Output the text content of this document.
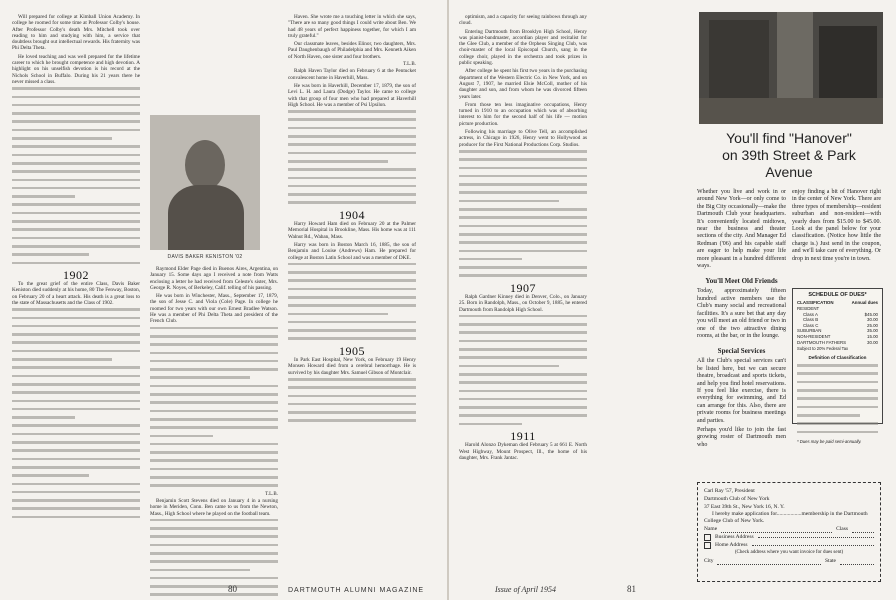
Will prepared for college at Kimball Union Academy. In college he roomed for some time at Professor Colby's house. After Professor Colby's death Mrs. Mitchell took over reading to him and studying with him, a service that doubtless brought out intellectual rewards. His fraternity was Phi Delta Theta.

He loved teaching and was well prepared for the lifetime career to which he brought competence and high devotion. A highlight on his unselfish devotion is his record at the Nichols School in Buffalo. During his 21 years there he never missed a class.

1902

To the great grief of the entire Class, Davis Baker Keniston died suddenly at his home, 80 The Fenway, Boston, on February 20 of a heart attack. His death is a great loss to the state of Massachusetts and the Class of 1902.

DAVIS BAKER KENISTON '02

Raymond Elder Page died in Buenos Aires, Argentina, on January 15. Some days ago I received a note from Watts enclosing a letter he had received from Celeste's sister, Mrs. George R. Noyes, of Berkeley, Calif. telling of his passing.

He was born in Winchester, Mass., September 17, 1879, the son of Jesse C. and Viola (Cole) Page. In college he roomed for two years with our own Ernest Bradlee Watson. He was a member of Phi Delta Theta and president of the French Club.

T.L.B.

Benjamin Scott Stevens died on January 4 in a nursing home in Meriden, Conn. Ben came to us from the Newton, Mass., High School where he played on the football team.

Haven. She wrote me a touching letter in which she says, "There are so many good things I could write about Ben. We had 48 years of perfect happiness together, for which I am truly grateful."

Our classmate leaves, besides Elinor, two daughters, Mrs. Paul Daughenbaugh of Philadelphia and Mrs. Kenneth Aiken of North Haven, one sister and four brothers.

T.L.B.

Ralph Haven Taylor died on February 6 at the Pentucket convalescent home in Haverhill, Mass.

He was born in Haverhill, December 17, 1879, the son of Levi L. H. and Laura (Dodge) Taylor. He came to college with that group of four men who had prepared at Haverhill High School. He was a member of Psi Upsilon.

1904

Harry Howard Ham died on February 20 at the Palmer Memorial Hospital in Brookline, Mass. His home was at 111 Walnut Rd., Waban, Mass.

Harry was born in Boston March 16, 1885, the son of Benjamin and Louise (Andrews) Ham. He prepared for college at Boston Latin School and was a member of DKE.

1905

In Park East Hospital, New York, on February 19 Henry Monsen Howard died from a cerebral hemorrhage. He is survived by his daughter Mrs. Samuel Gibson of Montclair.

80	DARTMOUTH ALUMNI MAGAZINE

optimism, and a capacity for seeing rainbows through any cloud.

Entering Dartmouth from Brooklyn High School, Henry was pianist-bandmaster, accordian player and recitalist for the Glee Club, a member of the Orpheus Singing Club, was choir-master of the local Episcopal Church, sang in the college choir, played in the orchestra and took prizes in public speaking.

After college he spent his first two years in the purchasing department of the Western Electric Co. in New York, and on August 7, 1907, he married Elsie McColl, mother of his daughter and son, and from whom he was divorced fifteen years later.

From those ten less imaginative occupations, Henry turned in 1910 to an occupation which was of absorbing interest to him for the second half of his life — motion picture production.

Following his marriage to Olive Tell, an accomplished actress, in Chicago in 1926, Henry went to Hollywood as producer for the First National Productions Corp. Studios.

1907

Ralph Gardner Kinney died in Denver, Colo., on January 25. Born in Randolph, Mass., on October 9, 1885, he entered Dartmouth from Randolph High School.

1911

Harold Alonzo Dykeman died February 5 at 661 E. North West Highway, Mount Prospect, Ill., the home of his daughter, Mrs. Frank Jantac.

You'll find "Hanover"
on 39th Street & Park Avenue
Whether you live and work in or around New York—or only come to the Big City occasionally—make the Dartmouth Club your headquarters. It's conveniently located midtown, near the business and theater sections of the city. And Manager Ed Redman ('06) and his capable staff are eager to help make your life more pleasant in a hundred different ways.
enjoy finding a bit of Hanover right in the center of New York. There are three types of membership—resident suburban and non-resident—with yearly dues from $15.00 to $45.00. Look at the panel below for your classification. (Notice how little the charge is.) Just send in the coupon, and we'll take care of everything. Or drop in next time you're in town.
You'll Meet Old Friends
Today, approximately fifteen hundred active members use the Club's many social and recreational facilities. It's a sure bet that any day you will meet an old friend or two in one of the two attractive dining rooms, at the bar, or in the lounge.
Special Services
All the Club's special services can't be listed here, but we can secure theatre, broadcast and sports tickets, and help you find hotel reservations. If you feel like exercise, there is everything for swimming, and Ed can arrange for this. Also, there are private rooms for business meetings and parties.
Perhaps you'd like to join the fast growing roster of Dartmouth men who
SCHEDULE OF DUES*
CLASSIFICATION	Annual dues
RESIDENT
Class A	$45.00
Class B	30.00
Class C	25.00
SUBURBAN	35.00
NON-RESIDENT	15.00
DARTMOUTH FATHERS	30.00
Subject to 20% Federal Tax
Definition of Classification
* Dues may be paid semi-annually.
Carl Ray '57, President
Dartmouth Club of New York
37 East 39th St., New York 16, N. Y.
I hereby make application for..................membership in the Dartmouth College Club of New York.
Name	Class
Business Address
Home Address
(Check address where you want invoice for dues sent)
City	State
Issue of April 1954	81
